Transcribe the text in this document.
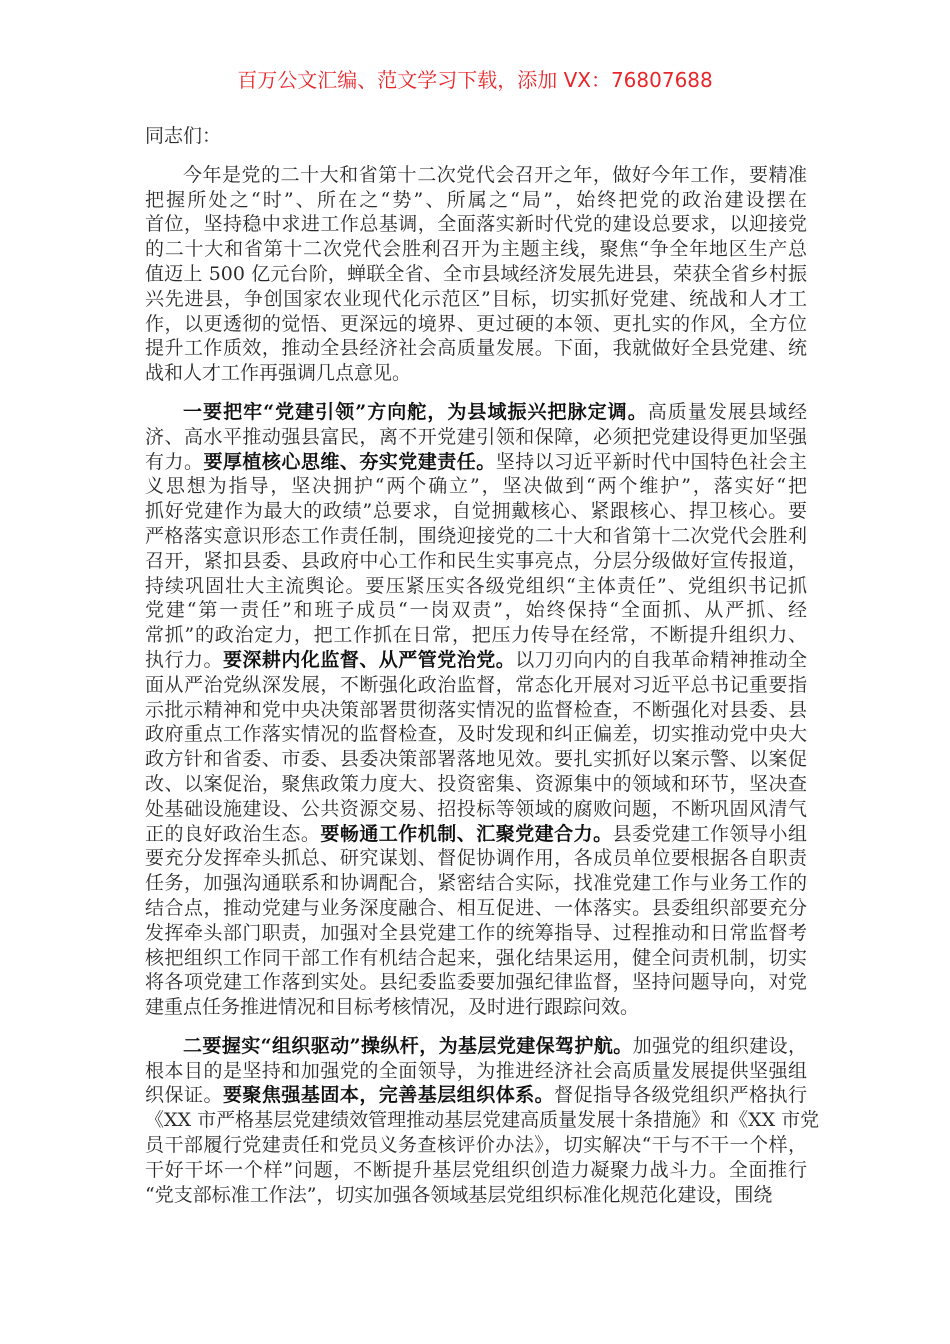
百万公文汇编、范文学习下载，添加 VX：76807688
同志们：
今年是党的二十大和省第十二次党代会召开之年，做好今年工作，要精准
把握所处之“时”、所在之“势”、所属之“局”，始终把党的政治建设摆在
首位，坚持稳中求进工作总基调，全面落实新时代党的建设总要求，以迎接党
的二十大和省第十二次党代会胜利召开为主题主线，聚焦“争全年地区生产总
值迈上 500 亿元台阶，蝉联全省、全市县域经济发展先进县，荣获全省乡村振
兴先进县，争创国家农业现代化示范区”目标，切实抓好党建、统战和人才工
作，以更透彻的觉悟、更深远的境界、更过硬的本领、更扎实的作风，全方位
提升工作质效，推动全县经济社会高质量发展。下面，我就做好全县党建、统
战和人才工作再强调几点意见。
一要把牢“党建引领”方向舵，为县域振兴把脉定调。高质量发展县域经
济、高水平推动强县富民，离不开党建引领和保障，必须把党建设得更加坚强
有力。要厚植核心思维、夯实党建责任。坚持以习近平新时代中国特色社会主
义思想为指导，坚决拥护“两个确立”，坚决做到“两个维护”，落实好“把
抓好党建作为最大的政绩”总要求，自觉拥戴核心、紧跟核心、捍卫核心。要
严格落实意识形态工作责任制，围绕迎接党的二十大和省第十二次党代会胜利
召开，紧扣县委、县政府中心工作和民生实事亮点，分层分级做好宣传报道，
持续巩固壮大主流舆论。要压紧压实各级党组织“主体责任”、党组织书记抓
党建“第一责任”和班子成员“一岗双责”，始终保持“全面抓、从严抓、经
常抓”的政治定力，把工作抓在日常，把压力传导在经常，不断提升组织力、
执行力。要深耕内化监督、从严管党治党。以刀刃向内的自我革命精神推动全
面从严治党纵深发展，不断强化政治监督，常态化开展对习近平总书记重要指
示批示精神和党中央决策部署贯彻落实情况的监督检查，不断强化对县委、县
政府重点工作落实情况的监督检查，及时发现和纠正偏差，切实推动党中央大
政方针和省委、市委、县委决策部署落地见效。要扎实抓好以案示警、以案促
改、以案促治，聚焦政策力度大、投资密集、资源集中的领域和环节，坚决查
处基础设施建设、公共资源交易、招投标等领域的腐败问题，不断巩固风清气
正的良好政治生态。要畅通工作机制、汇聚党建合力。县委党建工作领导小组
要充分发挥牵头抓总、研究谋划、督促协调作用，各成员单位要根据各自职责
任务，加强沟通联系和协调配合，紧密结合实际，找准党建工作与业务工作的
结合点，推动党建与业务深度融合、相互促进、一体落实。县委组织部要充分
发挥牵头部门职责，加强对全县党建工作的统筹指导、过程推动和日常监督考
核把组织工作同干部工作有机结合起来，强化结果运用，健全问责机制，切实
将各项党建工作落到实处。县纪委监委要加强纪律监督，坚持问题导向，对党
建重点任务推进情况和目标考核情况，及时进行跟踪问效。
二要握实“组织驱动”操纵杆，为基层党建保驾护航。加强党的组织建设，
根本目的是坚持和加强党的全面领导，为推进经济社会高质量发展提供坚强组
织保证。要聚焦强基固本，完善基层组织体系。督促指导各级党组织严格执行
《XX 市严格基层党建绩效管理推动基层党建高质量发展十条措施》和《XX 市党
员干部履行党建责任和党员义务查核评价办法》，切实解决“干与不干一个样，
干好干坏一个样”问题，不断提升基层党组织创造力凝聚力战斗力。全面推行
“党支部标准工作法”，切实加强各领域基层党组织标准化规范化建设，围绕
